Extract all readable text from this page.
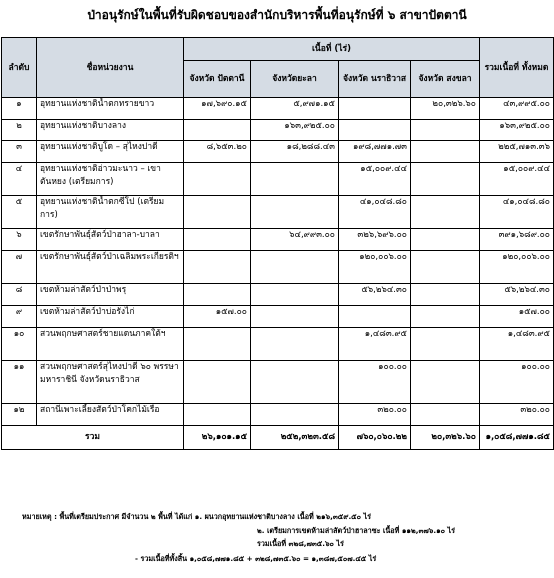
ป่าอนุรักษ์ในพื้นที่รับผิดชอบของสำนักบริหารพื้นที่อนุรักษ์ที่ ๖ สาขาปัตตานี
ลำดับ	ชื่อหน่วยงาน	เนื้อที่ (ไร่)				รวมเนื้อที่ ทั้งหมด
		จังหวัด ปัตตานี	จังหวัดยะลา	จังหวัด นราธิวาส	จังหวัด สงขลา	
๑	อุทยานแห่งชาติน้ำตกทรายขาว	๑๗,๖๙๐.๑๕	๕,๙๗๑.๑๕		๒๐,๓๒๖.๖๐	๔๓,๙๙๕.๐๐
๒	อุทยานแห่งชาติบางลาง		๑๖๓,๙๒๕.๐๐			๑๖๓,๙๒๕.๐๐
๓	อุทยานแห่งชาติบูโด – สุไหงปาดี	๘,๖๕๓.๒๐	๑๘,๒๘๘.๔๓	๑๙๘,๗๗๑.๗๓		๒๒๕,๗๑๓.๓๖
๔	อุทยานแห่งชาติอ่าวมะนาว – เขาตันหยง (เตรียมการ)			๑๕,๐๐๙.๔๔		๑๕,๐๐๙.๔๔
๕	อุทยานแห่งชาติน้ำตกซีโป (เตรียมการ)			๔๑,๐๔๘.๘๐		๔๑,๐๔๘.๘๐
๖	เขตรักษาพันธุ์สัตว์ป่าฮาลา-บาลา		๖๔,๙๙๓.๐๐	๓๒๖,๖๙๖.๐๐		๓๙๑,๖๘๙.๐๐
๗	เขตรักษาพันธุ์สัตว์ป่าเฉลิมพระเกียรติฯ			๑๒๐,๐๐๖.๐๐		๑๒๐,๐๐๖.๐๐
๘	เขตห้ามล่าสัตว์ป่าป่าพรุ			๕๖,๒๖๔.๓๐		๕๖,๒๖๔.๓๐
๙	เขตห้ามล่าสัตว์ป่าบ่อรังไก่	๑๕๗.๐๐				๑๕๗.๐๐
๑๐	สวนพฤกษศาสตร์ชายแดนภาคใต้ฯ			๑,๔๘๓.๙๕		๑,๔๘๓.๙๕
๑๑	สวนพฤกษศาสตร์สุไหงปาดี ๖๐ พรรษา มหาราชินี จังหวัดนราธิวาส			๑๐๐.๐๐		๑๐๐.๐๐
๑๒	สถานีเพาะเลี้ยงสัตว์ป่าโคกไม้เรือ			๓๒๐.๐๐		๓๒๐.๐๐
รวม		๒๖,๑๐๑.๑๕	๒๕๒,๓๒๓.๕๘	๗๖๐,๐๖๐.๒๒	๒๐,๓๒๖.๖๐	๑,๐๕๘,๗๗๑.๘๕
หมายเหตุ : พื้นที่เตรียมประกาศ มีจำนวน ๒ พื้นที่ ได้แก่ ๑. ผนวกอุทยานแห่งชาติบางลาง เนื้อที่ ๒๑๖,๓๕๙.๕๐ ไร่
๒. เตรียมการเขตห้ามล่าสัตว์ป่าฮาลาซะ เนื้อที่ ๑๑๒,๓๗๖.๑๐ ไร่
รวมเนื้อที่ ๓๒๘,๗๓๕.๖๐ ไร่
- รวมเนื้อที่ทั้งสิ้น ๑,๐๕๘,๗๗๑.๘๕ + ๓๒๘,๗๓๕.๖๐ = ๑,๓๘๗,๕๐๗.๔๕ ไร่
